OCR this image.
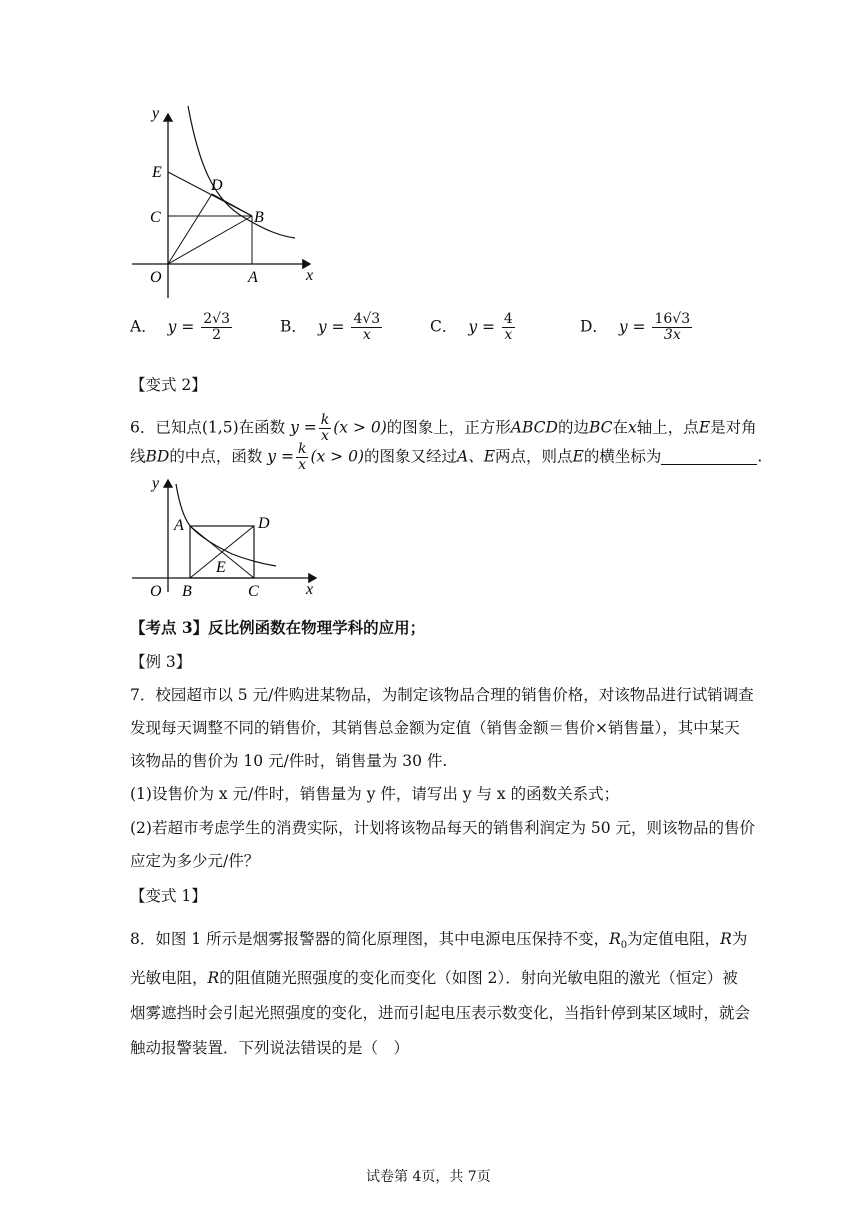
y
x
E
D
C	B
O	A
A． $y = \frac{2√3}{2}$	B． $y = \frac{4√3}{x}$	C． $y = \frac{4}{x}$	D． $y = \frac{16√3}{3x}$
【变式 2】
6．已知点(1,5)在函数 $y = \frac{k}{x} (x > 0)$的图象上，正方形ABCD的边BC在x轴上，点E是对角
线BD的中点，函数 $y = \frac{k}{x} (x > 0)$的图象又经过A、E两点，则点E的横坐标为	.
y
x
A	D
E
O B	C
【考点 3】反比例函数在物理学科的应用；
【例 3】
7．校园超市以 5 元/件购进某物品，为制定该物品合理的销售价格，对该物品进行试销调查
发现每天调整不同的销售价，其销售总金额为定值（销售金额＝售价×销售量），其中某天
该物品的售价为 10 元/件时，销售量为 30 件.
(1)设售价为 x 元/件时，销售量为 y 件，请写出 y 与 x 的函数关系式；
(2)若超市考虑学生的消费实际，计划将该物品每天的销售利润定为 50 元，则该物品的售价
应定为多少元/件？
【变式 1】
8．如图 1 所示是烟雾报警器的简化原理图，其中电源电压保持不变，$R_0$为定值电阻，R为
光敏电阻，R的阻值随光照强度的变化而变化（如图 2）．射向光敏电阻的激光（恒定）被
烟雾遮挡时会引起光照强度的变化，进而引起电压表示数变化，当指针停到某区域时，就会
触动报警装置．下列说法错误的是（　）
试卷第 4页，共 7页
